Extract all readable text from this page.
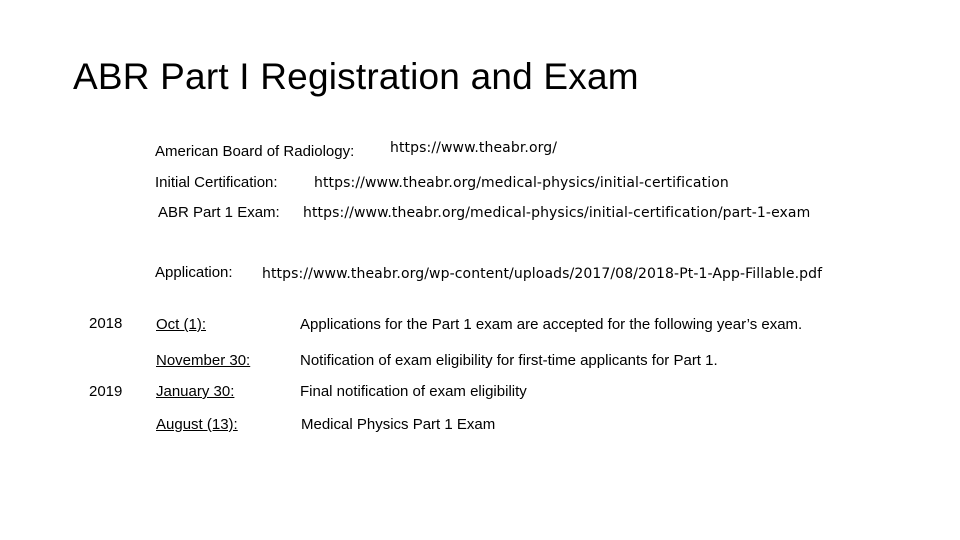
ABR Part I Registration and Exam
American Board of Radiology:	https://www.theabr.org/
Initial Certification:	https://www.theabr.org/medical-physics/initial-certification
ABR Part 1 Exam: https://www.theabr.org/medical-physics/initial-certification/part-1-exam
Application: https://www.theabr.org/wp-content/uploads/2017/08/2018-Pt-1-App-Fillable.pdf
2018 Oct (1):	Applications for the Part 1 exam are accepted for the following year’s exam.
November 30:	Notification of exam eligibility for first-time applicants for Part 1.
2019 January 30:	Final notification of exam eligibility
August (13):	Medical Physics Part 1 Exam
